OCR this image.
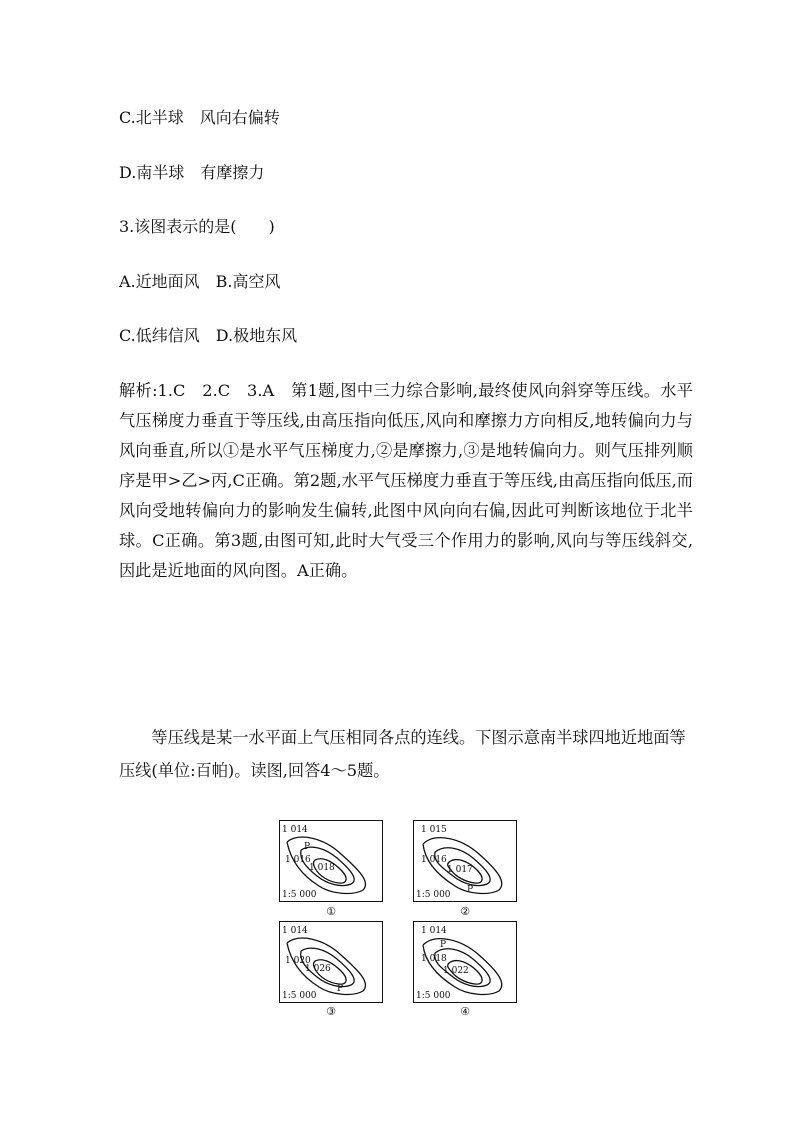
C.北半球　风向右偏转
D.南半球　有摩擦力
3.该图表示的是(　　)
A.近地面风　B.高空风
C.低纬信风　D.极地东风
解析:1.C　2.C　3.A　第1题,图中三力综合影响,最终使风向斜穿等压线。水平气压梯度力垂直于等压线,由高压指向低压,风向和摩擦力方向相反,地转偏向力与风向垂直,所以①是水平气压梯度力,②是摩擦力,③是地转偏向力。则气压排列顺序是甲>乙>丙,C正确。第2题,水平气压梯度力垂直于等压线,由高压指向低压,而风向受地转偏向力的影响发生偏转,此图中风向向右偏,因此可判断该地位于北半球。C正确。第3题,由图可知,此时大气受三个作用力的影响,风向与等压线斜交,因此是近地面的风向图。A正确。
等压线是某一水平面上气压相同各点的连线。下图示意南半球四地近地面等压线(单位:百帕)。读图,回答4～5题。
1 014
1 016
1 018
P
1:5 000
①
1 015
1 016
1 017
P
1:5 000
②
1 014
1 020
1 026
P
1:5 000
③
1 014
1 018
1 022
P
1:5 000
④
